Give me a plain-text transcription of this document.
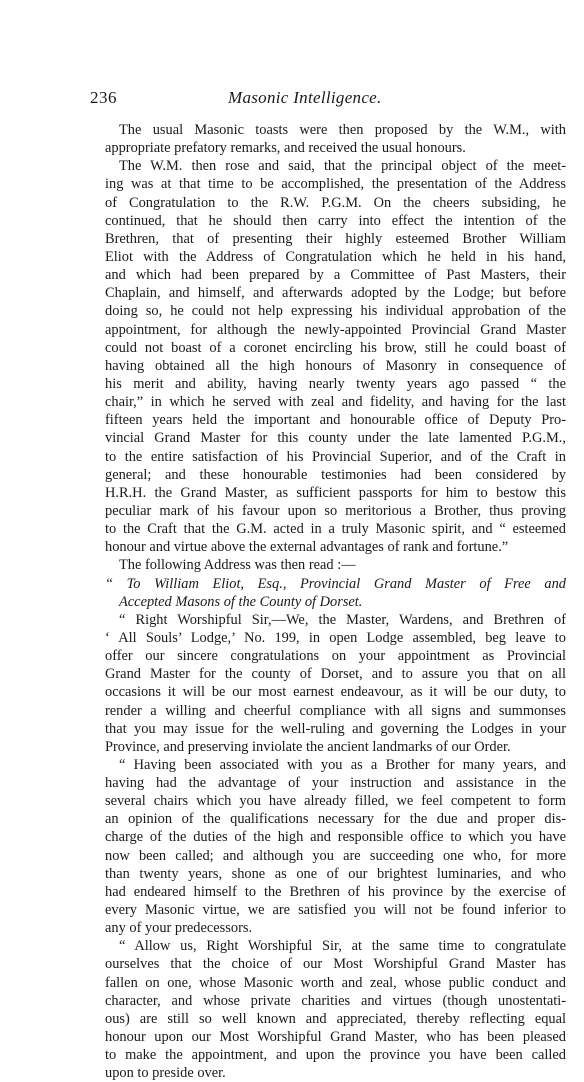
236	Masonic Intelligence.
The usual Masonic toasts were then proposed by the W.M., with
appropriate prefatory remarks, and received the usual honours.
The W.M. then rose and said, that the principal object of the meet-
ing was at that time to be accomplished, the presentation of the Address
of Congratulation to the R.W. P.G.M. On the cheers subsiding, he
continued, that he should then carry into effect the intention of the
Brethren, that of presenting their highly esteemed Brother William
Eliot with the Address of Congratulation which he held in his hand,
and which had been prepared by a Committee of Past Masters, their
Chaplain, and himself, and afterwards adopted by the Lodge; but before
doing so, he could not help expressing his individual approbation of the
appointment, for although the newly-appointed Provincial Grand Master
could not boast of a coronet encircling his brow, still he could boast of
having obtained all the high honours of Masonry in consequence of
his merit and ability, having nearly twenty years ago passed “ the
chair,” in which he served with zeal and fidelity, and having for the last
fifteen years held the important and honourable office of Deputy Pro-
vincial Grand Master for this county under the late lamented P.G.M.,
to the entire satisfaction of his Provincial Superior, and of the Craft in
general; and these honourable testimonies had been considered by
H.R.H. the Grand Master, as sufficient passports for him to bestow this
peculiar mark of his favour upon so meritorious a Brother, thus proving
to the Craft that the G.M. acted in a truly Masonic spirit, and “ esteemed
honour and virtue above the external advantages of rank and fortune.”
The following Address was then read :—
“ To William Eliot, Esq., Provincial Grand Master of Free and
Accepted Masons of the County of Dorset.
“ Right Worshipful Sir,—We, the Master, Wardens, and Brethren of
‘ All Souls’ Lodge,’ No. 199, in open Lodge assembled, beg leave to
offer our sincere congratulations on your appointment as Provincial
Grand Master for the county of Dorset, and to assure you that on all
occasions it will be our most earnest endeavour, as it will be our duty, to
render a willing and cheerful compliance with all signs and summonses
that you may issue for the well-ruling and governing the Lodges in your
Province, and preserving inviolate the ancient landmarks of our Order.
“ Having been associated with you as a Brother for many years, and
having had the advantage of your instruction and assistance in the
several chairs which you have already filled, we feel competent to form
an opinion of the qualifications necessary for the due and proper dis-
charge of the duties of the high and responsible office to which you have
now been called; and although you are succeeding one who, for more
than twenty years, shone as one of our brightest luminaries, and who
had endeared himself to the Brethren of his province by the exercise of
every Masonic virtue, we are satisfied you will not be found inferior to
any of your predecessors.
“ Allow us, Right Worshipful Sir, at the same time to congratulate
ourselves that the choice of our Most Worshipful Grand Master has
fallen on one, whose Masonic worth and zeal, whose public conduct and
character, and whose private charities and virtues (though unostentati-
ous) are still so well known and appreciated, thereby reflecting equal
honour upon our Most Worshipful Grand Master, who has been pleased
to make the appointment, and upon the province you have been called
upon to preside over.
